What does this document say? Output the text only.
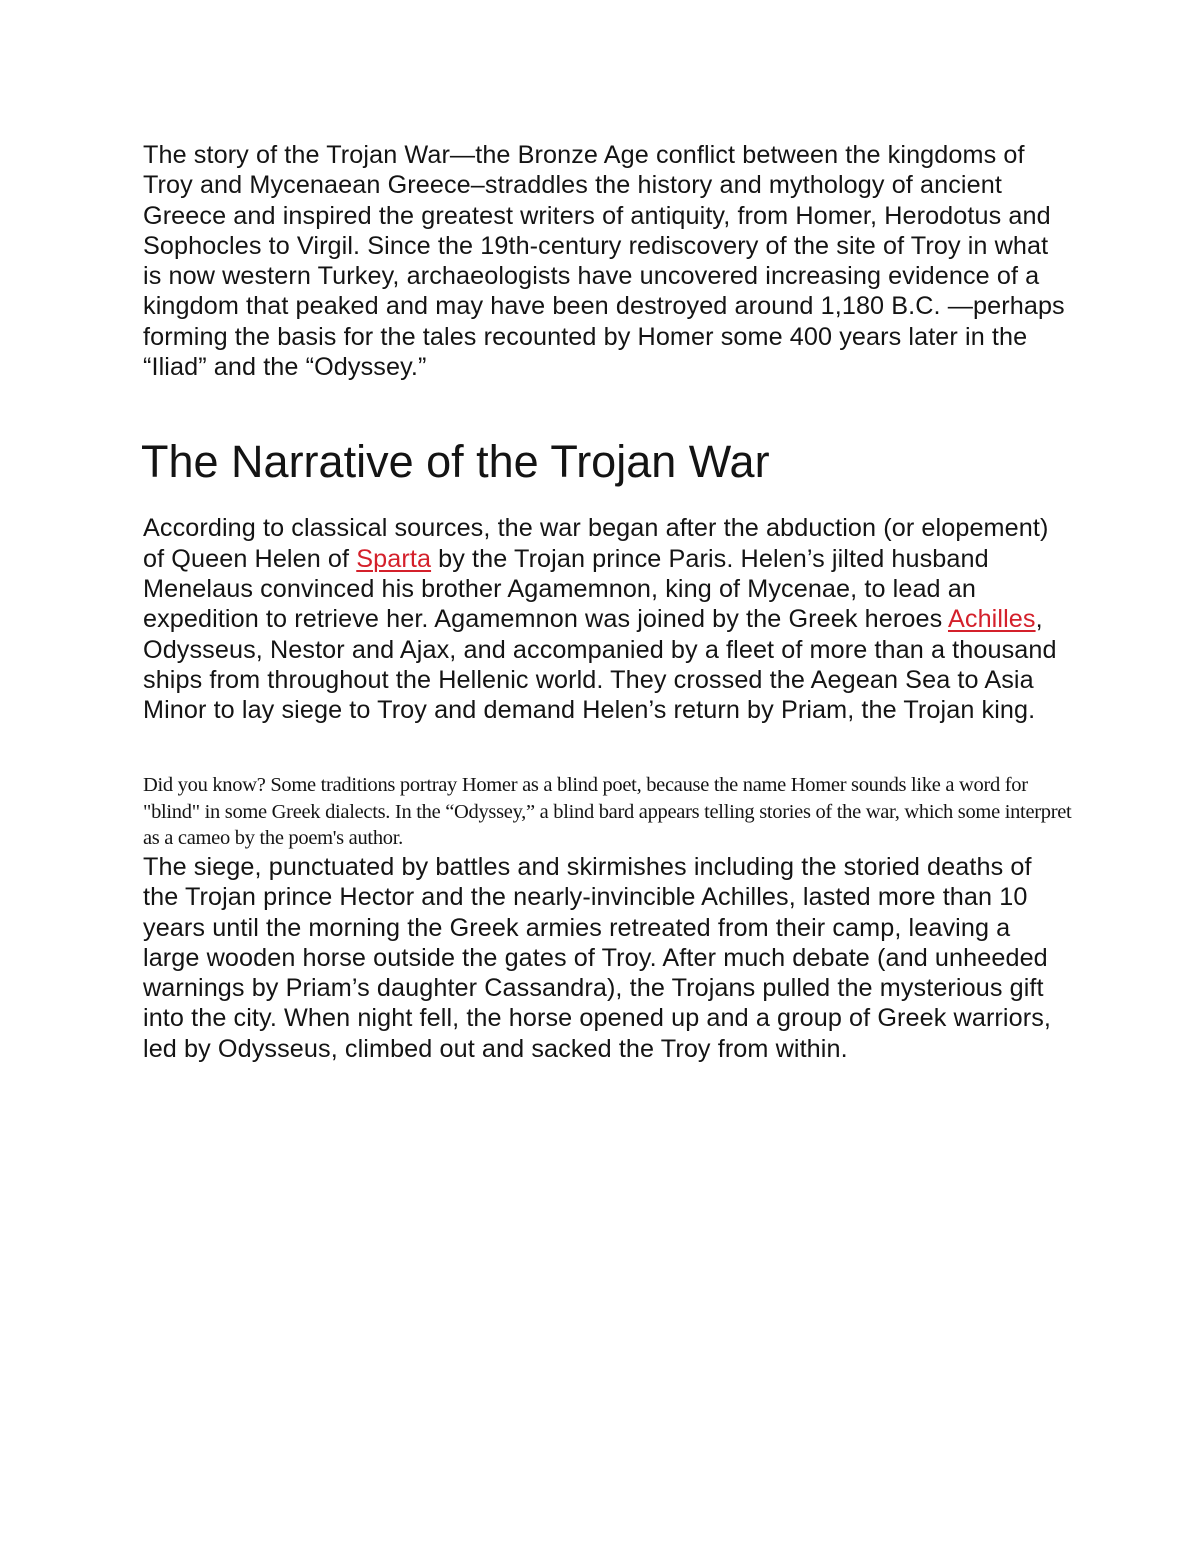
The story of the Trojan War—the Bronze Age conflict between the kingdoms of Troy and Mycenaean Greece–straddles the history and mythology of ancient Greece and inspired the greatest writers of antiquity, from Homer, Herodotus and Sophocles to Virgil. Since the 19th-century rediscovery of the site of Troy in what is now western Turkey, archaeologists have uncovered increasing evidence of a kingdom that peaked and may have been destroyed around 1,180 B.C. —perhaps forming the basis for the tales recounted by Homer some 400 years later in the “Iliad” and the “Odyssey.”

The Narrative of the Trojan War

According to classical sources, the war began after the abduction (or elopement) of Queen Helen of Sparta by the Trojan prince Paris. Helen’s jilted husband Menelaus convinced his brother Agamemnon, king of Mycenae, to lead an expedition to retrieve her. Agamemnon was joined by the Greek heroes Achilles, Odysseus, Nestor and Ajax, and accompanied by a fleet of more than a thousand ships from throughout the Hellenic world. They crossed the Aegean Sea to Asia Minor to lay siege to Troy and demand Helen’s return by Priam, the Trojan king.

Did you know? Some traditions portray Homer as a blind poet, because the name Homer sounds like a word for "blind" in some Greek dialects. In the “Odyssey,” a blind bard appears telling stories of the war, which some interpret as a cameo by the poem's author.

The siege, punctuated by battles and skirmishes including the storied deaths of the Trojan prince Hector and the nearly-invincible Achilles, lasted more than 10 years until the morning the Greek armies retreated from their camp, leaving a large wooden horse outside the gates of Troy. After much debate (and unheeded warnings by Priam’s daughter Cassandra), the Trojans pulled the mysterious gift into the city. When night fell, the horse opened up and a group of Greek warriors, led by Odysseus, climbed out and sacked the Troy from within.
